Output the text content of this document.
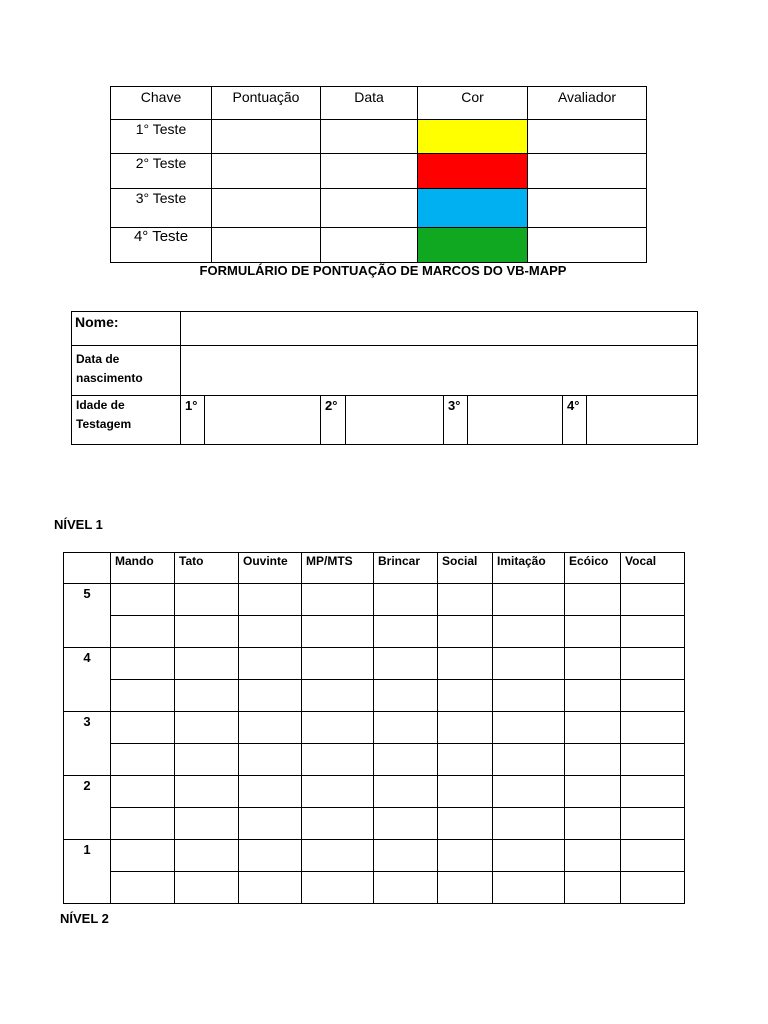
Chave	Pontuação	Data	Cor	Avaliador
1° Teste				
2° Teste				
3° Teste				
4° Teste				
FORMULÁRIO DE PONTUAÇÃO DE MARCOS DO VB-MAPP
Nome:								
Data de nascimento								
Idade de Testagem	1°		2°		3°		4°	
NÍVEL 1
	Mando	Tato	Ouvinte	MP/MTS	Brincar	Social	Imitação	Ecóico	Vocal
5									

4									

3									

2									

1									

NÍVEL 2
